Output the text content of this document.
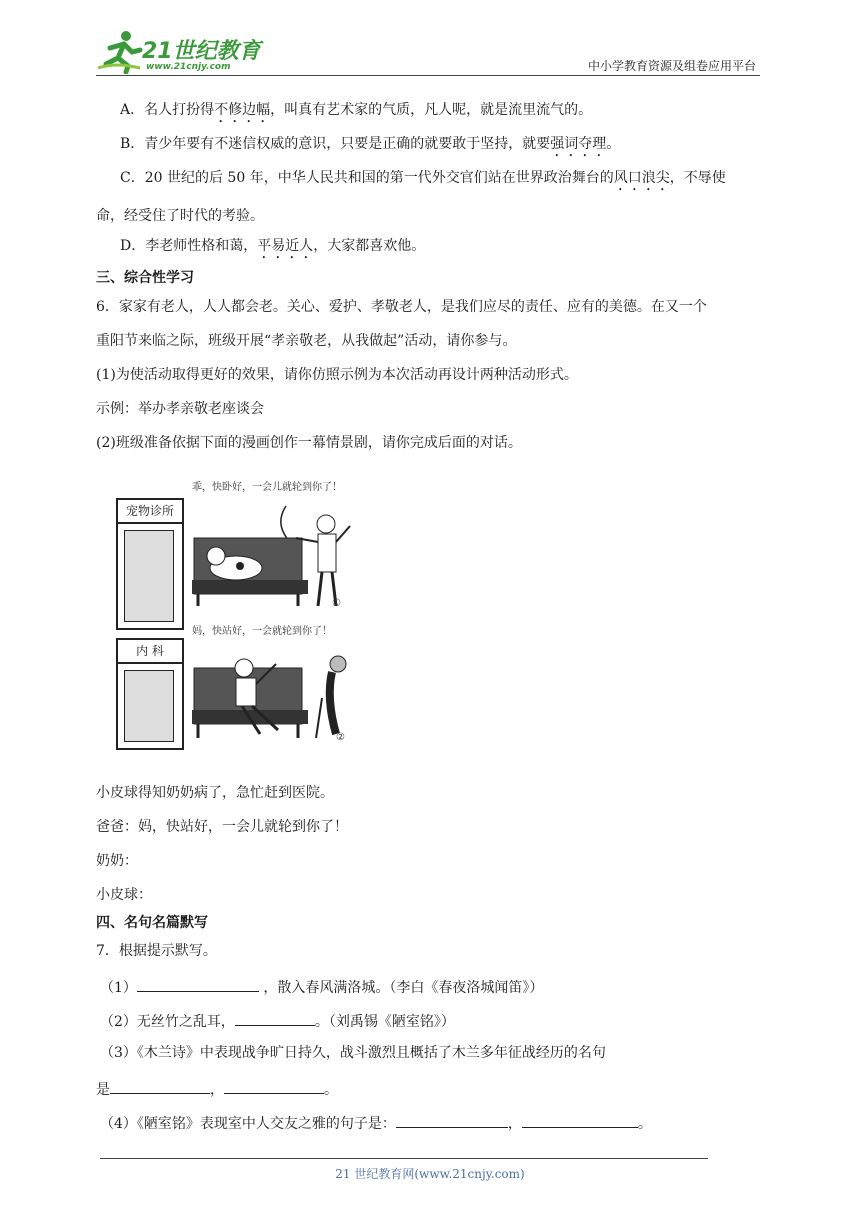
21世纪教育
www.21cnjy.com	中小学教育资源及组卷应用平台
A．名人打扮得不修边幅，叫真有艺术家的气质，凡人呢，就是流里流气的。
B．青少年要有不迷信权威的意识，只要是正确的就要敢于坚持，就要强词夺理。
C．20 世纪的后 50 年，中华人民共和国的第一代外交官们站在世界政治舞台的风口浪尖，不辱使
命，经受住了时代的考验。
D．李老师性格和蔼，平易近人，大家都喜欢他。
三、综合性学习
6．家家有老人，人人都会老。关心、爱护、孝敬老人，是我们应尽的责任、应有的美德。在又一个
重阳节来临之际，班级开展“孝亲敬老，从我做起”活动，请你参与。
(1)为使活动取得更好的效果，请你仿照示例为本次活动再设计两种活动形式。
示例：举办孝亲敬老座谈会
(2)班级准备依据下面的漫画创作一幕情景剧，请你完成后面的对话。
乖，快卧好，一会儿就轮到你了！
宠物诊所
①
妈，快站好，一会就轮到你了！
内 科
②
小皮球得知奶奶病了，急忙赶到医院。
爸爸：妈，快站好，一会儿就轮到你了！
奶奶：
小皮球：
四、名句名篇默写
7．根据提示默写。
（1）	，散入春风满洛城。（李白《春夜洛城闻笛》）
（2）无丝竹之乱耳，	。（刘禹锡《陋室铭》）
（3）《木兰诗》中表现战争旷日持久，战斗激烈且概括了木兰多年征战经历的名句
是	，	。
（4）《陋室铭》表现室中人交友之雅的句子是：	，	。
21 世纪教育网(www.21cnjy.com)
